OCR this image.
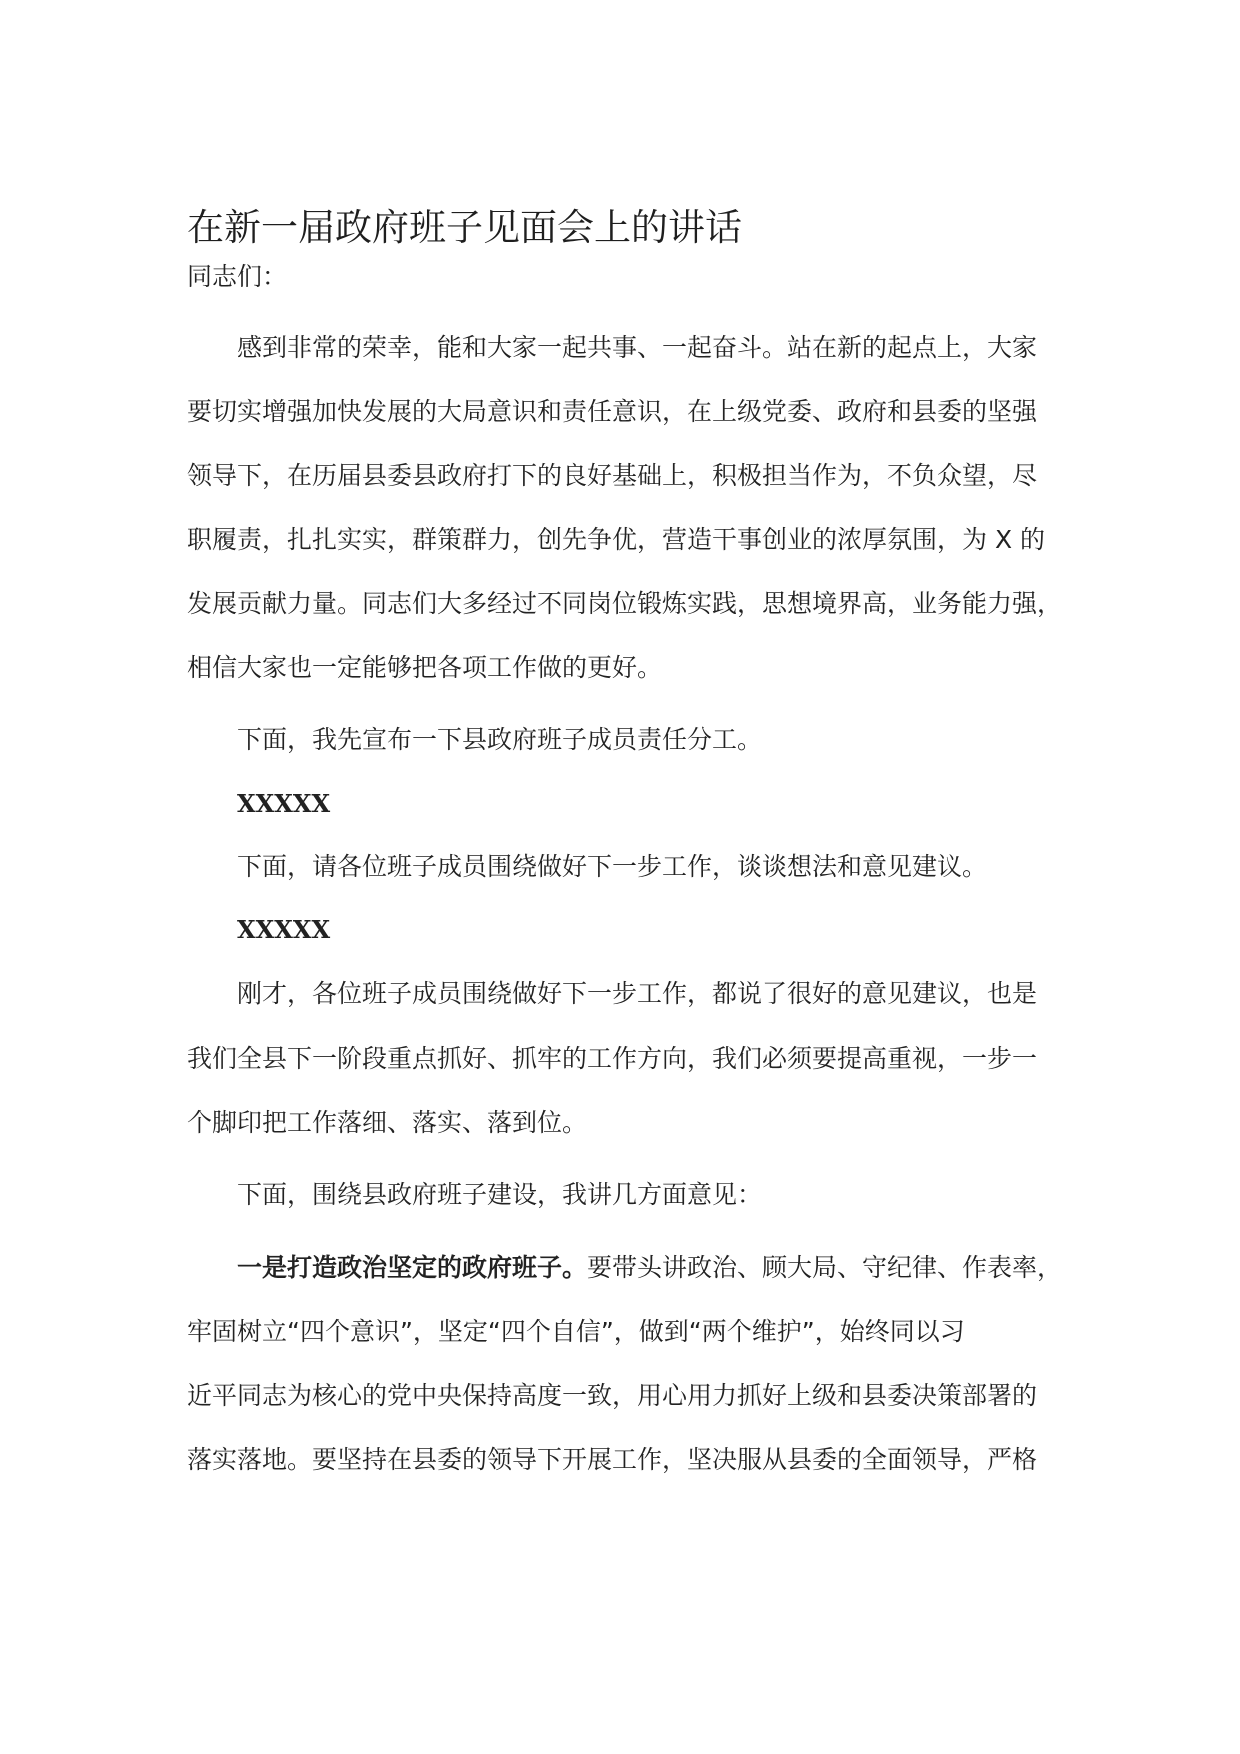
在新一届政府班子见面会上的讲话

同志们：

感到非常的荣幸，能和大家一起共事、一起奋斗。站在新的起点上，大家

要切实增强加快发展的大局意识和责任意识，在上级党委、政府和县委的坚强

领导下，在历届县委县政府打下的良好基础上，积极担当作为，不负众望，尽

职履责，扎扎实实，群策群力，创先争优，营造干事创业的浓厚氛围，为 X 的

发展贡献力量。同志们大多经过不同岗位锻炼实践，思想境界高，业务能力强，

相信大家也一定能够把各项工作做的更好。

下面，我先宣布一下县政府班子成员责任分工。

XXXXX

下面，请各位班子成员围绕做好下一步工作，谈谈想法和意见建议。

XXXXX

刚才，各位班子成员围绕做好下一步工作，都说了很好的意见建议，也是

我们全县下一阶段重点抓好、抓牢的工作方向，我们必须要提高重视，一步一

个脚印把工作落细、落实、落到位。

下面，围绕县政府班子建设，我讲几方面意见：

一是打造政治坚定的政府班子。要带头讲政治、顾大局、守纪律、作表率，

牢固树立“四个意识”，坚定“四个自信”，做到“两个维护”，始终同以习

近平同志为核心的党中央保持高度一致，用心用力抓好上级和县委决策部署的

落实落地。要坚持在县委的领导下开展工作，坚决服从县委的全面领导，严格
